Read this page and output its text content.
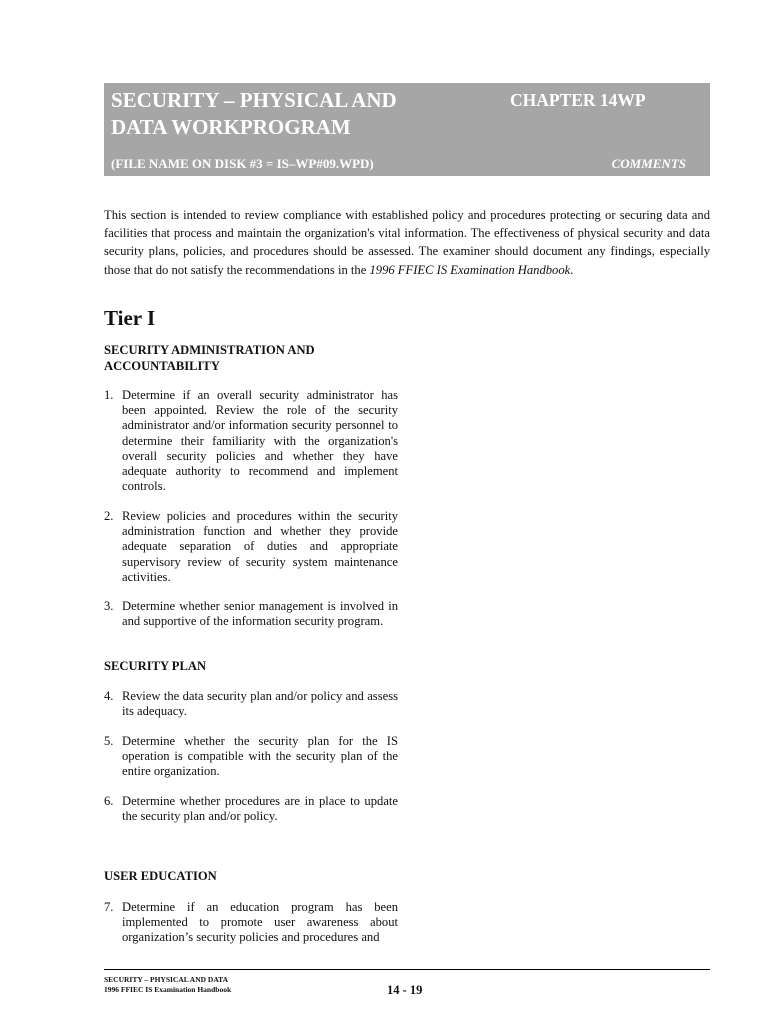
SECURITY – PHYSICAL AND
DATA WORKPROGRAM
CHAPTER 14WP
(FILE NAME ON DISK #3 = IS–WP#09.WPD)	COMMENTS

This section is intended to review compliance with established policy and procedures protecting or securing data and facilities that process and maintain the organization's vital information. The effectiveness of physical security and data security plans, policies, and procedures should be assessed. The examiner should document any findings, especially those that do not satisfy the recommendations in the 1996 FFIEC IS Examination Handbook.

Tier I
SECURITY ADMINISTRATION AND ACCOUNTABILITY
1. Determine if an overall security administrator has been appointed. Review the role of the security administrator and/or information security personnel to determine their familiarity with the organization's overall security policies and whether they have adequate authority to recommend and implement controls.
2. Review policies and procedures within the security administration function and whether they provide adequate separation of duties and appropriate supervisory review of security system maintenance activities.
3. Determine whether senior management is involved in and supportive of the information security program.
SECURITY PLAN
4. Review the data security plan and/or policy and assess its adequacy.
5. Determine whether the security plan for the IS operation is compatible with the security plan of the entire organization.
6. Determine whether procedures are in place to update the security plan and/or policy.
USER EDUCATION
7. Determine if an education program has been implemented to promote user awareness about organization’s security policies and procedures and
SECURITY – PHYSICAL AND DATA
1996 FFIEC IS Examination Handbook	14 - 19
